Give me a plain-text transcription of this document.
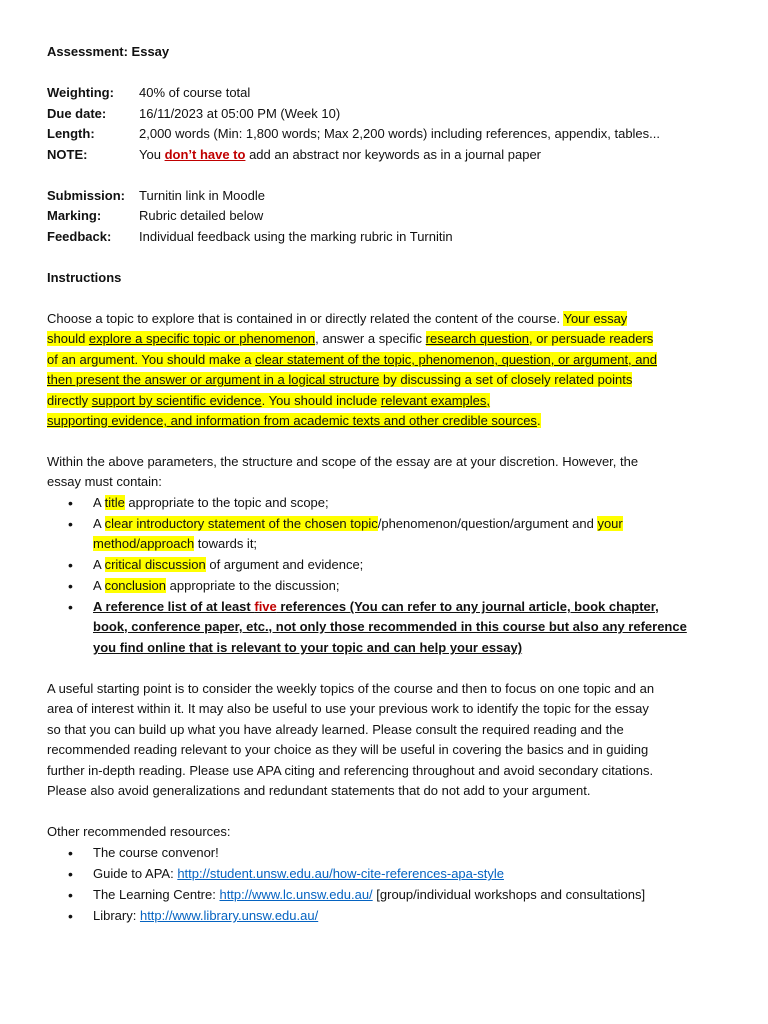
Assessment: Essay
Weighting: 40% of course total
Due date:	16/11/2023 at 05:00 PM (Week 10)
Length:	2,000 words (Min: 1,800 words; Max 2,200 words) including references, appendix, tables...
NOTE:	You don’t have to add an abstract nor keywords as in a journal paper
Submission: Turnitin link in Moodle
Marking:	Rubric detailed below
Feedback: Individual feedback using the marking rubric in Turnitin
Instructions
Choose a topic to explore that is contained in or directly related the content of the course. Your essay
should explore a specific topic or phenomenon, answer a specific research question, or persuade readers
of an argument. You should make a clear statement of the topic, phenomenon, question, or argument, and
then present the answer or argument in a logical structure by discussing a set of closely related points
directly support by scientific evidence. You should include relevant examples,
supporting evidence, and information from academic texts and other credible sources.
Within the above parameters, the structure and scope of the essay are at your discretion. However, the
essay must contain:
• A title appropriate to the topic and scope;
• A clear introductory statement of the chosen topic/phenomenon/question/argument and your
method/approach towards it;
• A critical discussion of argument and evidence;
• A conclusion appropriate to the discussion;
• A reference list of at least five references (You can refer to any journal article, book chapter,
book, conference paper, etc., not only those recommended in this course but also any reference
you find online that is relevant to your topic and can help your essay)
A useful starting point is to consider the weekly topics of the course and then to focus on one topic and an
area of interest within it. It may also be useful to use your previous work to identify the topic for the essay
so that you can build up what you have already learned. Please consult the required reading and the
recommended reading relevant to your choice as they will be useful in covering the basics and in guiding
further in-depth reading. Please use APA citing and referencing throughout and avoid secondary citations.
Please also avoid generalizations and redundant statements that do not add to your argument.
Other recommended resources:
• The course convenor!
• Guide to APA: http://student.unsw.edu.au/how-cite-references-apa-style
• The Learning Centre: http://www.lc.unsw.edu.au/ [group/individual workshops and consultations]
• Library: http://www.library.unsw.edu.au/
